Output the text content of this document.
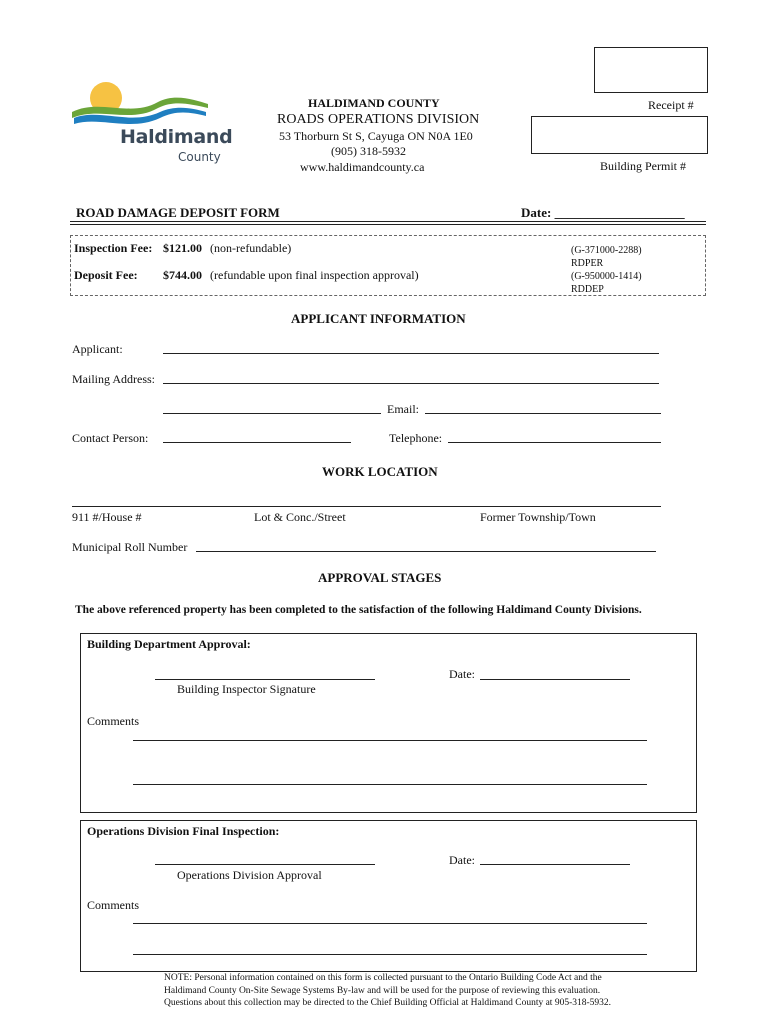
Haldimand
County
HALDIMAND COUNTY
ROADS OPERATIONS DIVISION
53 Thorburn St S, Cayuga ON N0A 1E0
(905) 318-5932
www.haldimandcounty.ca
Receipt #
Building Permit #
ROAD DAMAGE DEPOSIT FORM	Date: ____________________
Inspection Fee: $121.00 (non-refundable)
Deposit Fee: $744.00 (refundable upon final inspection approval)
(G-371000-2288)
RDPER
(G-950000-1414)
RDDEP
APPLICANT INFORMATION
Applicant:
Mailing Address:
Email:
Contact Person:	Telephone:
WORK LOCATION
911 #/House #	Lot & Conc./Street	Former Township/Town
Municipal Roll Number
APPROVAL STAGES
The above referenced property has been completed to the satisfaction of the following Haldimand County Divisions.
Building Department Approval:
Building Inspector Signature
Date:
Comments
Operations Division Final Inspection:
Operations Division Approval
Date:
Comments
NOTE: Personal information contained on this form is collected pursuant to the Ontario Building Code Act and the Haldimand County On-Site Sewage Systems By-law and will be used for the purpose of reviewing this evaluation. Questions about this collection may be directed to the Chief Building Official at Haldimand County at 905-318-5932.
